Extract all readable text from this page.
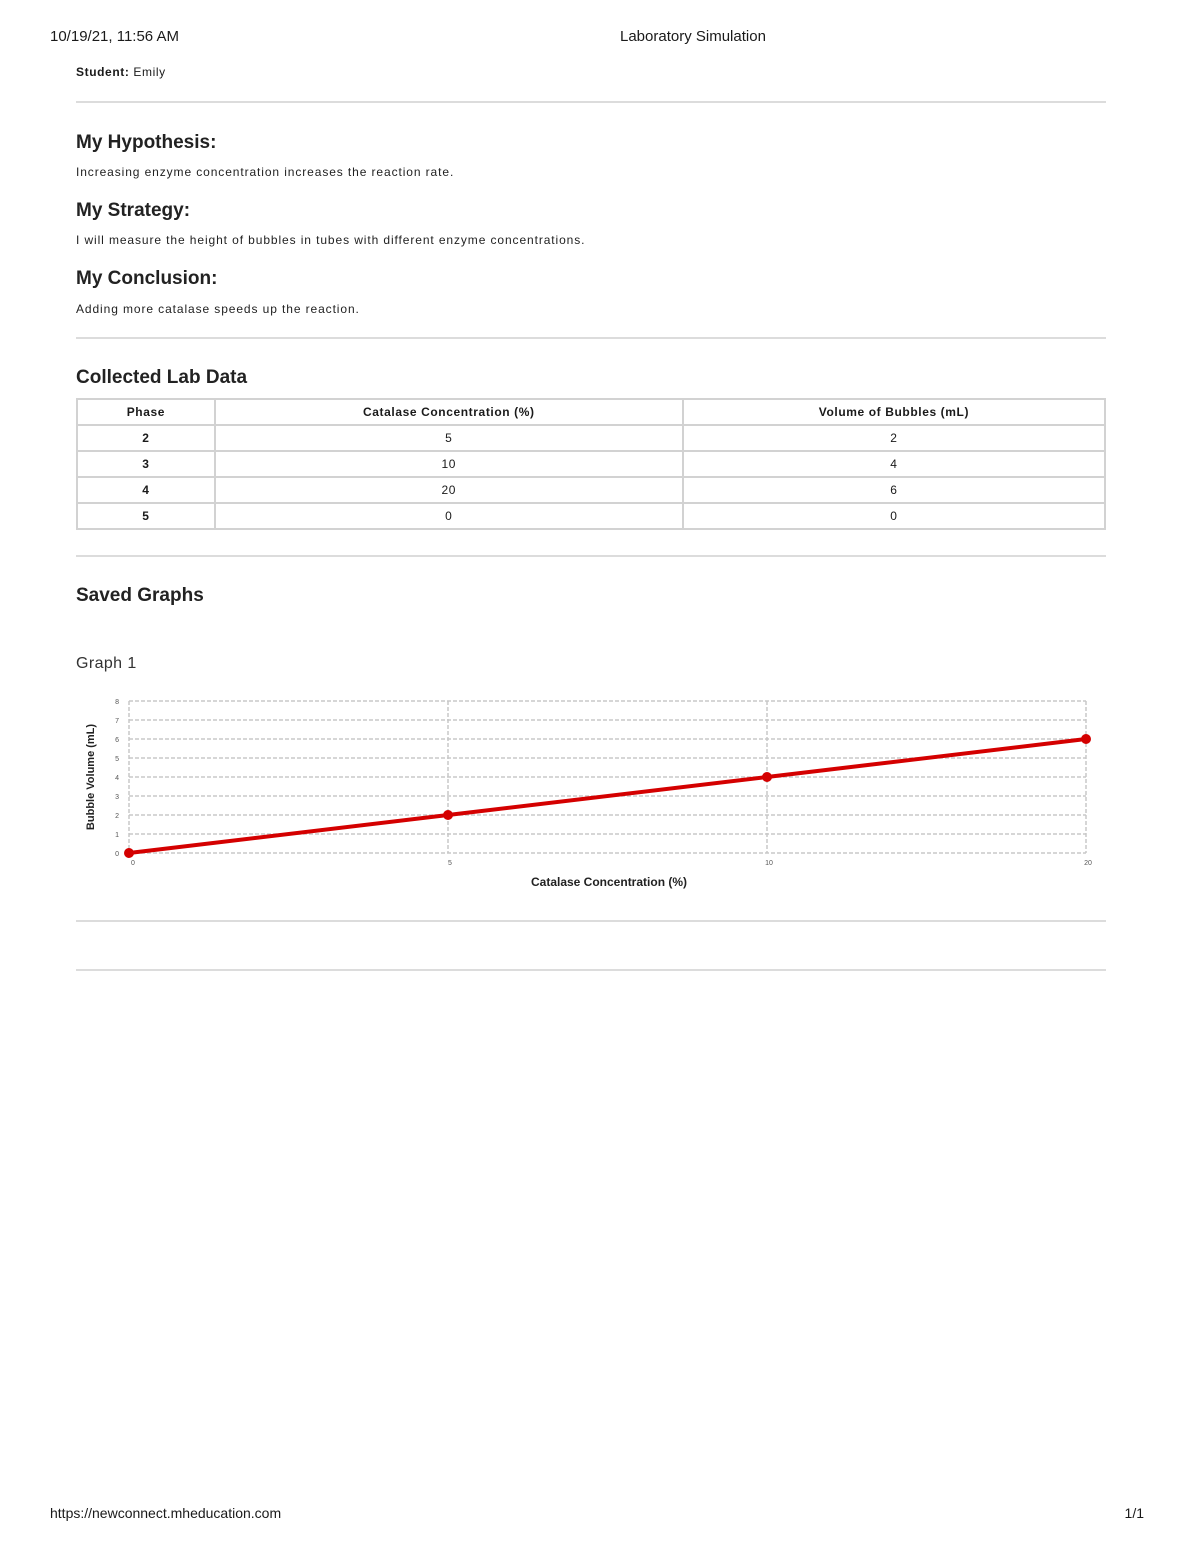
10/19/21, 11:56 AM	Laboratory Simulation
Student: Emily
My Hypothesis:

Increasing enzyme concentration increases the reaction rate.

My Strategy:

I will measure the height of bubbles in tubes with different enzyme concentrations.

My Conclusion:

Adding more catalase speeds up the reaction.

Collected Lab Data
Phase	Catalase Concentration (%)	Volume of Bubbles (mL)
2	5	2
3	10	4
4	20	6
5	0	0
Saved Graphs
Graph 1
0
1
2
3
4
5
6
7
8
0	5	10	20
Catalase Concentration (%)
Bubble Volume (mL)
https://newconnect.mheducation.com	1/1
